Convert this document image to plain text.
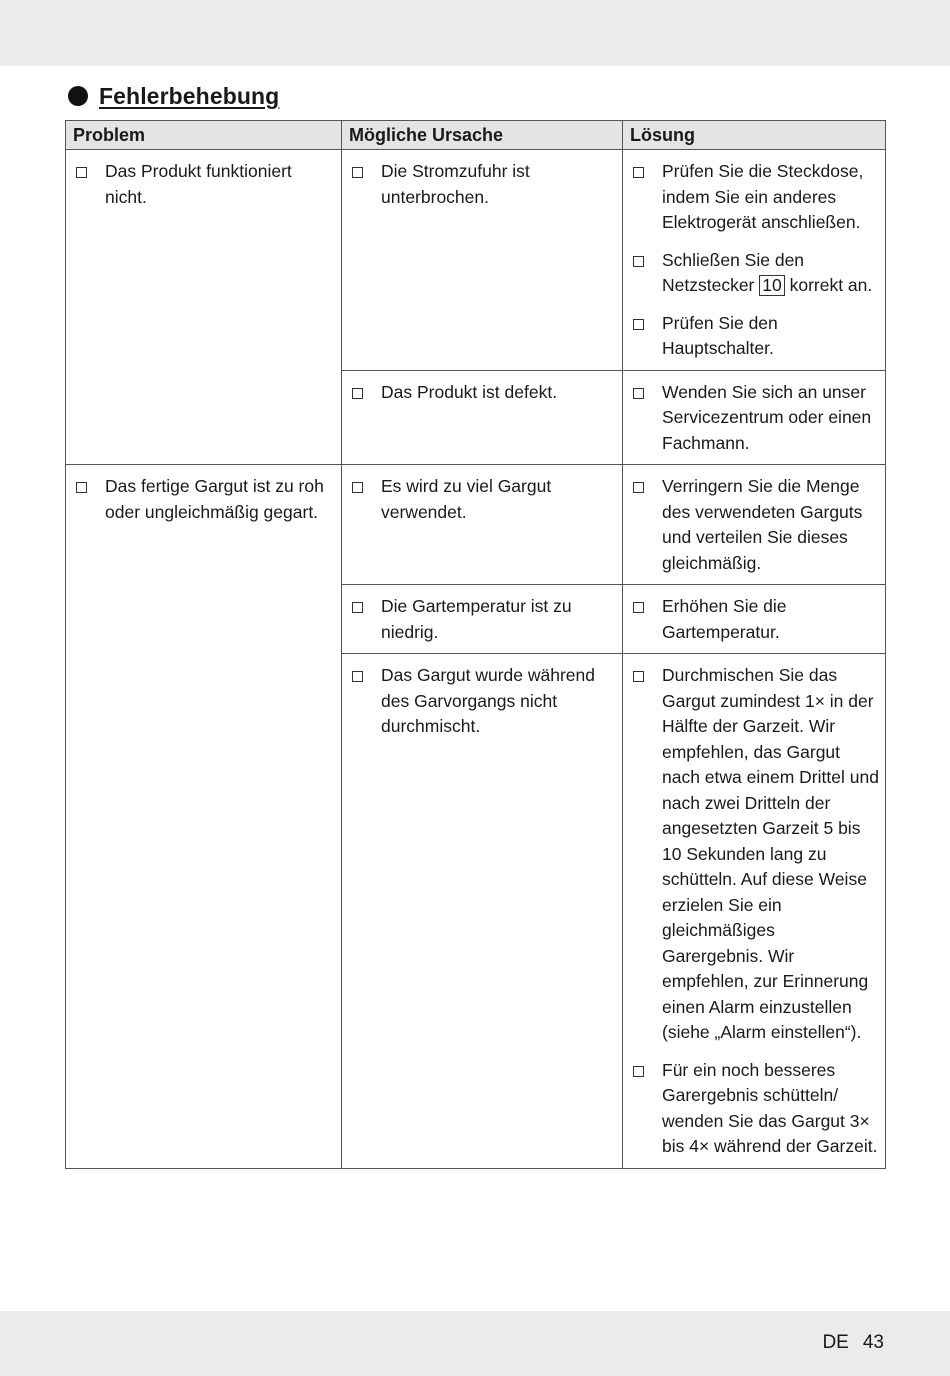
Fehlerbehebung
Problem	Mögliche Ursache	Lösung

Das Produkt funktioniert nicht.	Die Stromzufuhr ist unterbrochen.	Prüfen Sie die Steckdose, indem Sie ein anderes Elektrogerät anschließen.
Schließen Sie den Netzstecker 10 korrekt an.
Prüfen Sie den Hauptschalter.

	Das Produkt ist defekt.	Wenden Sie sich an unser Servicezentrum oder einen Fachmann.

Das fertige Gargut ist zu roh oder ungleichmäßig gegart.	Es wird zu viel Gargut verwendet.	Verringern Sie die Menge des verwendeten Garguts und verteilen Sie dieses gleichmäßig.

	Die Gartemperatur ist zu niedrig.	Erhöhen Sie die Gartemperatur.

	Das Gargut wurde während des Garvorgangs nicht durchmischt.	Durchmischen Sie das Gargut zumindest 1× in der Hälfte der Garzeit. Wir empfehlen, das Gargut nach etwa einem Drittel und nach zwei Dritteln der angesetzten Garzeit 5 bis 10 Sekunden lang zu schütteln. Auf diese Weise erzielen Sie ein gleichmäßiges Garergebnis. Wir empfehlen, zur Erinnerung einen Alarm einzustellen (siehe „Alarm einstellen“).
Für ein noch besseres Garergebnis schütteln/ wenden Sie das Gargut 3× bis 4× während der Garzeit.
DE 43
